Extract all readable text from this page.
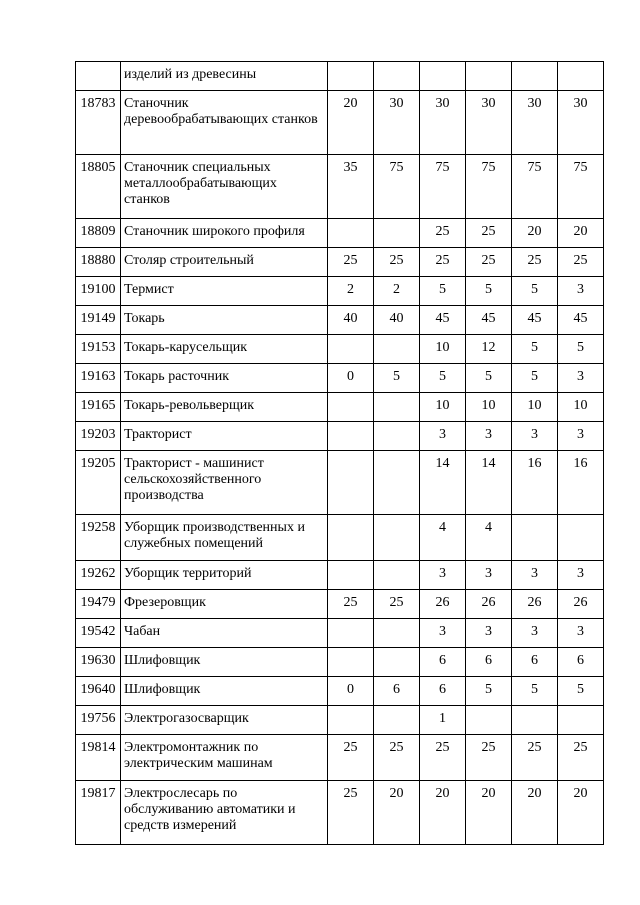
	изделий из древесины						
18783	Станочник деревообрабатывающих станков	20	30	30	30	30	30
18805	Станочник специальных металлообрабатывающих станков	35	75	75	75	75	75
18809	Станочник широкого профиля			25	25	20	20
18880	Столяр строительный	25	25	25	25	25	25
19100	Термист	2	2	5	5	5	3
19149	Токарь	40	40	45	45	45	45
19153	Токарь-карусельщик			10	12	5	5
19163	Токарь расточник	0	5	5	5	5	3
19165	Токарь-револьверщик			10	10	10	10
19203	Тракторист			3	3	3	3
19205	Тракторист - машинист сельскохозяйственного производства			14	14	16	16
19258	Уборщик производственных и служебных помещений			4	4		
19262	Уборщик территорий			3	3	3	3
19479	Фрезеровщик	25	25	26	26	26	26
19542	Чабан			3	3	3	3
19630	Шлифовщик			6	6	6	6
19640	Шлифовщик	0	6	6	5	5	5
19756	Электрогазосварщик			1			
19814	Электромонтажник по электрическим машинам	25	25	25	25	25	25
19817	Электрослесарь по обслуживанию автоматики и средств измерений	25	20	20	20	20	20
